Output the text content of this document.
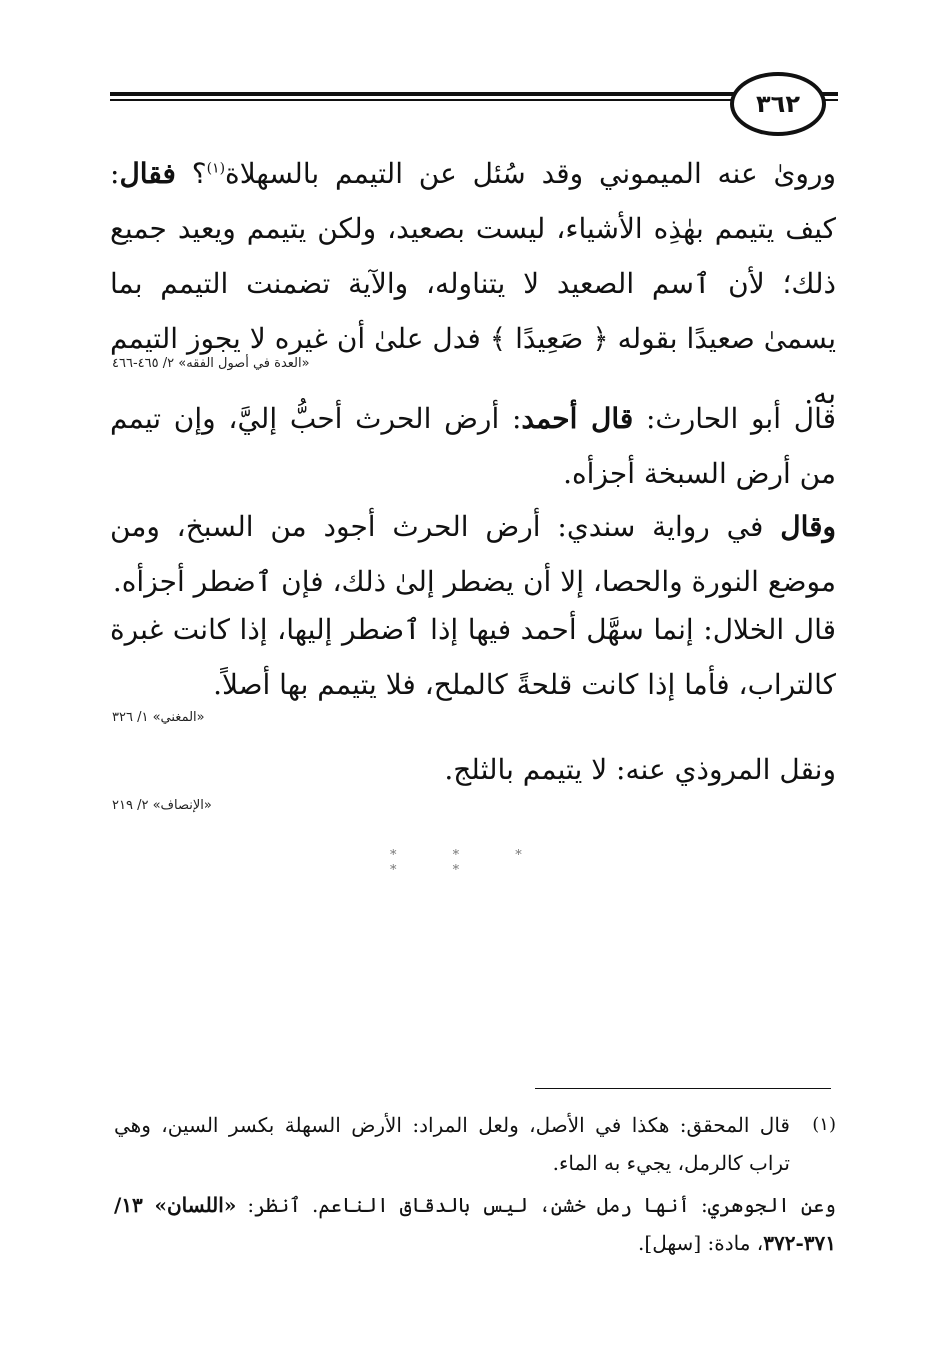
٣٦٢
ورویٰ عنه الميموني وقد سُئل عن التيمم بالسهلاة$^{(١)}$؟ فقال: كيف يتيمم بهٰذِه الأشياء، ليست بصعيد، ولكن يتيمم ويعيد جميع ذلك؛ لأن ٱسم الصعيد لا يتناوله، والآية تضمنت التيمم بما يسمىٰ صعيدًا بقوله ﴿ صَعِيدًا ﴾ فدل علىٰ أن غيره لا يجوز التيمم به.
«العدة في أصول الفقه» ٢/ ٤٦٥-٤٦٦
قال أبو الحارث: قال أحمد: أرض الحرث أحبُّ إليَّ، وإن تيمم من أرض السبخة أجزأه.
وقال في رواية سندي: أرض الحرث أجود من السبخ، ومن موضع النورة والحصا، إلا أن يضطر إلىٰ ذلك، فإن ٱضطر أجزأه.
قال الخلال: إنما سهَّل أحمد فيها إذا ٱضطر إليها، إذا كانت غبرة كالتراب، فأما إذا كانت قلحةً كالملح، فلا يتيمم بها أصلاً.
«المغني» ١/ ٣٢٦
ونقل المروذي عنه: لا يتيمم بالثلج.
«الإنصاف» ٢/ ٢١٩
* * * * *
(١)
قال المحقق: هكذا في الأصل، ولعل المراد: الأرض السهلة بكسر السين، وهي تراب كالرمل، يجيء به الماء.
وعن الجوهري: أنها رمل خشن، ليس بالدقاق الناعم. ٱنظر: «اللسان» ١٣/ ٣٧١-٣٧٢، مادة: [سهل].
